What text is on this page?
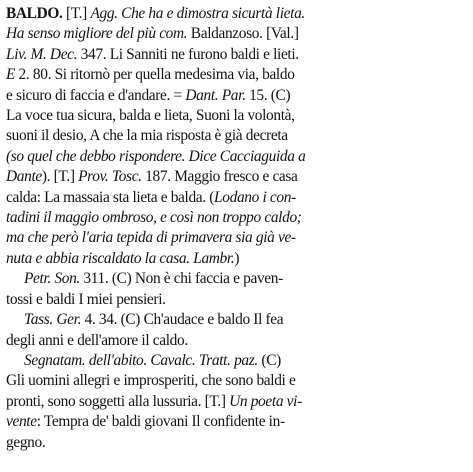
BALDO. [T.] Agg. Che ha e dimostra sicurtà lieta.
Ha senso migliore del più com. Baldanzoso. [Val.]
Liv. M. Dec. 347. Li Sanniti ne furono baldi e lieti.
E 2. 80. Si ritornò per quella medesima via, baldo
e sicuro di faccia e d'andare. = Dant. Par. 15. (C)
La voce tua sicura, balda e lieta, Suoni la volontà,
suoni il desio, A che la mia risposta è già decreta
(so quel che debbo rispondere. Dice Cacciaguida a
Dante). [T.] Prov. Tosc. 187. Maggio fresco e casa
calda: La massaia sta lieta e balda. (Lodano i con-
tadini il maggio ombroso, e così non troppo caldo;
ma che però l'aria tepida di primavera sia già ve-
nuta e abbia riscaldato la casa. Lambr.)
Petr. Son. 311. (C) Non è chi faccia e paven-
tossi e baldi I miei pensieri.
Tass. Ger. 4. 34. (C) Ch'audace e baldo Il fea
degli anni e dell'amore il caldo.
Segnatam. dell'abito. Cavalc. Tratt. paz. (C)
Gli uomini allegri e improsperiti, che sono baldi e
pronti, sono soggetti alla lussuria. [T.] Un poeta vi-
vente: Tempra de' baldi giovani Il confidente in-
gegno.
